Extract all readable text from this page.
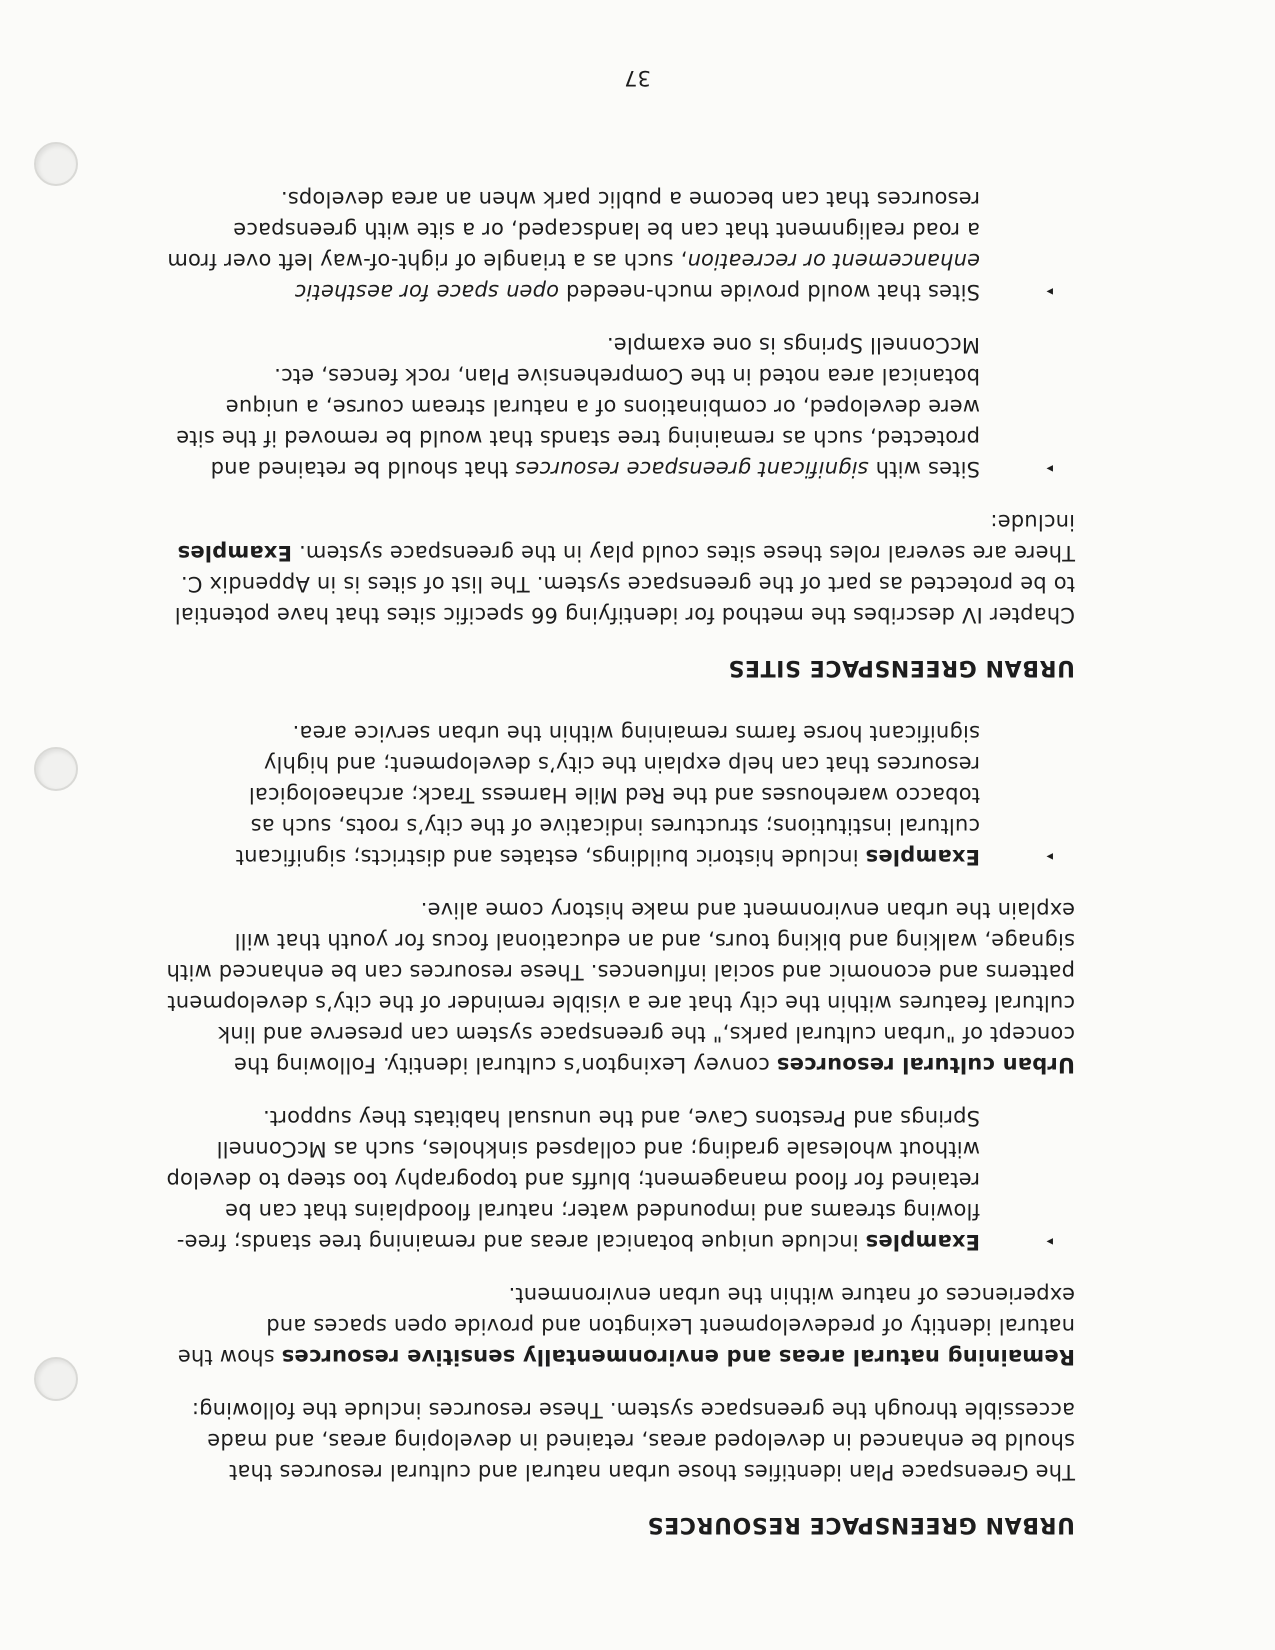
URBAN GREENSPACE RESOURCES

The Greenspace Plan identifies those urban natural and cultural resources that should be enhanced in developed areas, retained in developing areas, and made accessible through the greenspace system. These resources include the following:

Remaining natural areas and environmentally sensitive resources show the natural identity of predevelopment Lexington and provide open spaces and experiences of nature within the urban environment.

▸
Examples include unique botanical areas and remaining tree stands; free-flowing streams and impounded water; natural floodplains that can be retained for flood management; bluffs and topography too steep to develop without wholesale grading; and collapsed sinkholes, such as McConnell Springs and Prestons Cave, and the unusual habitats they support.

Urban cultural resources convey Lexington’s cultural identity. Following the concept of "urban cultural parks," the greenspace system can preserve and link cultural features within the city that are a visible reminder of the city’s development patterns and economic and social influences. These resources can be enhanced with signage, walking and biking tours, and an educational focus for youth that will explain the urban environment and make history come alive.

▸
Examples include historic buildings, estates and districts; significant cultural institutions; structures indicative of the city’s roots, such as tobacco warehouses and the Red Mile Harness Track; archaeological resources that can help explain the city’s development; and highly significant horse farms remaining within the urban service area.
URBAN GREENSPACE SITES

Chapter IV describes the method for identifying 66 specific sites that have potential to be protected as part of the greenspace system. The list of sites is in Appendix C. There are several roles these sites could play in the greenspace system. Examples include:

▸
Sites with significant greenspace resources that should be retained and protected, such as remaining tree stands that would be removed if the site were developed, or combinations of a natural stream course, a unique botanical area noted in the Comprehensive Plan, rock fences, etc. McConnell Springs is one example.
▸
Sites that would provide much-needed open space for aesthetic enhancement or recreation, such as a triangle of right-of-way left over from a road realignment that can be landscaped, or a site with greenspace resources that can become a public park when an area develops.
37
